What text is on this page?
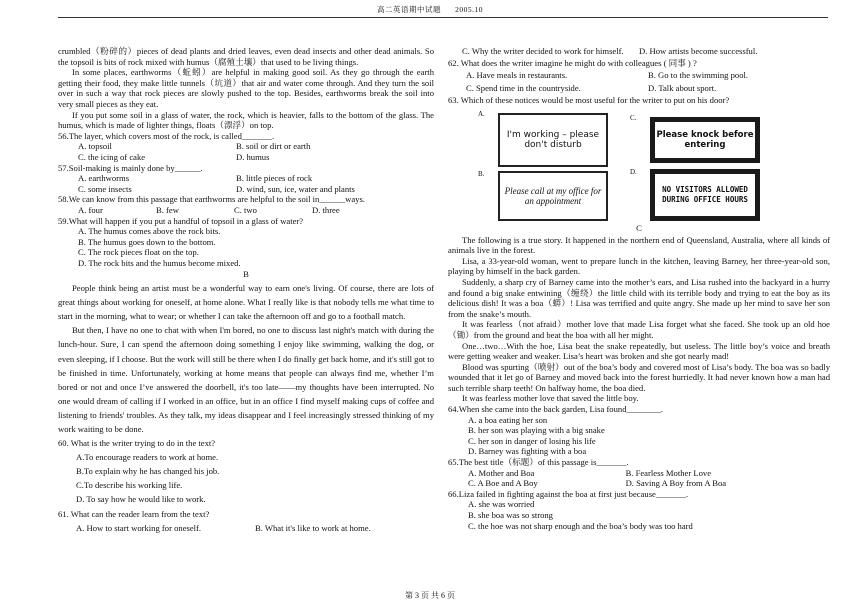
高二英语期中试题 2005.10

crumbled（粉碎的）pieces of dead plants and dried leaves, even dead insects and other dead animals. So the topsoil is bits of rock mixed with humus（腐殖土壤）that used to be living things.

In some places, earthworms（蚯蚓）are helpful in making good soil. As they go through the earth getting their food, they make little tunnels（坑道）that air and water come through. And they turn the soil over in such a way that rock pieces are slowly pushed to the top. Besides, earthworms break the soil into very small pieces as they eat.

If you put some soil in a glass of water, the rock, which is heavier, falls to the bottom of the glass. The humus, which is made of lighter things, floats（漂浮）on top.

56.The layer, which covers most of the rock, is called_______.

A. topsoil	B. soil or dirt or earth
C. the icing of cake	D. humus

57.Soil-making is mainly done by______.

A. earthworms	B. little pieces of rock
C. some insects	D. wind, sun, ice, water and plants

58.We can know from this passage that earthworms are helpful to the soil in______ways.

A. four	B. few	C. two	D. three

59.What will happen if you put a handful of topsoil in a glass of water?

A. The humus comes above the rock bits.

B. The humus goes down to the bottom.

C. The rock pieces float on the top.

D. The rock bits and the humus become mixed.

B

People think being an artist must be a wonderful way to earn one's living. Of course, there are lots of great things about working for oneself, at home alone. What I really like is that nobody tells me what time to start in the morning, what to wear; or whether I can take the afternoon off and go to a football match.

But then, I have no one to chat with when I'm bored, no one to discuss last night's match with during the lunch-hour. Sure, I can spend the afternoon doing something I enjoy like swimming, walking the dog, or even sleeping, if I choose. But the work will still be there when I do finally get back home, and it's still got to be finished in time. Unfortunately, working at home means that people can always find me, whether I’m bored or not and once I’ve answered the doorbell, it's too late——my thoughts have been interrupted. No one would dream of calling if I worked in an office, but in an office I find myself making cups of coffee and listening to friends' troubles. As they talk, my ideas disappear and I feel increasingly stressed thinking of my work waiting to be done.

60. What is the writer trying to do in the text?

A.To encourage readers to work at home.

B.To explain why he has changed his job.

C.To describe his working life.

D. To say how he would like to work.

61. What can the reader learn from the text?

A. How to start working for oneself.	B. What it's like to work at home.
C. Why the writer decided to work for himself.	D. How artists become successful.

62. What does the writer imagine he might do with colleagues ( 同事 ) ?

A. Have meals in restaurants.	B. Go to the swimming pool.
C. Spend time in the countryside.	D. Talk about sport.

63. Which of these notices would be most useful for the writer to put on his door?

A.
B.
C.
D.
I'm working – please don't disturb
Please call at my office for an appointment
Please knock before entering
NO VISITORS ALLOWED DURING OFFICE HOURS

C

The following is a true story. It happened in the northern end of Queensland, Australia, where all kinds of animals live in the forest.

Lisa, a 33-year-old woman, went to prepare lunch in the kitchen, leaving Barney, her three-year-old son, playing by himself in the back garden.

Suddenly, a sharp cry of Barney came into the mother’s ears, and Lisa rushed into the backyard in a hurry and found a big snake entwining（缠绕）the little child with its terrible body and trying to eat the boy as its delicious dish! It was a boa（蟒）! Lisa was terrified and quite angry. She made up her mind to save her son from the snake’s mouth.

It was fearless（not afraid）mother love that made Lisa forget what she faced. She took up an old hoe（锄）from the ground and beat the boa with all her might.

One…two…With the hoe, Lisa beat the snake repeatedly, but useless. The little boy’s voice and breath were getting weaker and weaker. Lisa’s heart was broken and she got nearly mad!

Blood was spurting（喷射）out of the boa’s body and covered most of Lisa’s body. The boa was so badly wounded that it let go of Barney and moved back into the forest hurriedly. It had never known how a man had such terrible sharp teeth! On halfway home, the boa died.

It was fearless mother love that saved the little boy.

64.When she came into the back garden, Lisa found________.

A. a boa eating her son

B. her son was playing with a big snake

C. her son in danger of losing his life

D. Barney was fighting with a boa

65.The best title（标题）of this passage is_______.

A. Mother and Boa	B. Fearless Mother Love
C. A Boe and A Boy	D. Saving A Boy from A Boa

66.Liza failed in fighting against the boa at first just because_______.

A. she was worried

B. she boa was so strong

C. the hoe was not sharp enough and the boa’s body was too hard

第 3 页 共 6 页
